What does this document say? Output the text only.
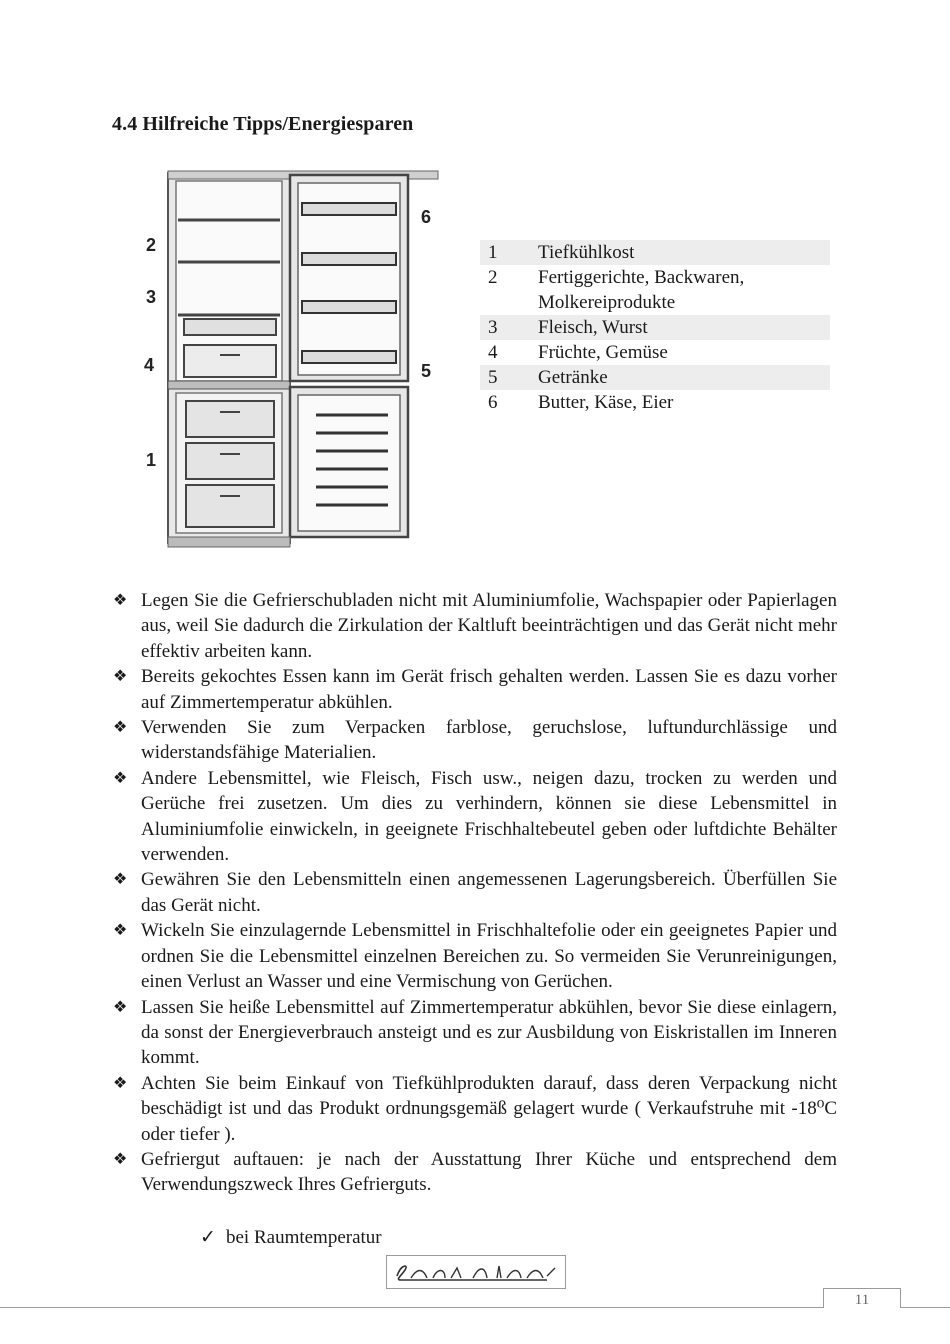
4.4 Hilfreiche Tipps/Energiesparen
2
3
4
1
6
5
1	Tiefkühlkost
2	Fertiggerichte, Backwaren,
Molkereiprodukte
3	Fleisch, Wurst
4	Früchte, Gemüse
5	Getränke
6	Butter, Käse, Eier
❖ Legen Sie die Gefrierschubladen nicht mit Aluminiumfolie, Wachspapier oder Papierlagen aus, weil Sie dadurch die Zirkulation der Kaltluft beeinträchtigen und das Gerät nicht mehr effektiv arbeiten kann.
❖ Bereits gekochtes Essen kann im Gerät frisch gehalten werden. Lassen Sie es dazu vorher auf Zimmertemperatur abkühlen.
❖ Verwenden Sie zum Verpacken farblose, geruchslose, luftundurchlässige und widerstandsfähige Materialien.
❖ Andere Lebensmittel, wie Fleisch, Fisch usw., neigen dazu, trocken zu werden und Gerüche frei zusetzen. Um dies zu verhindern, können sie diese Lebensmittel in Aluminiumfolie einwickeln, in geeignete Frischhaltebeutel geben oder luftdichte Behälter verwenden.
❖ Gewähren Sie den Lebensmitteln einen angemessenen Lagerungsbereich. Überfüllen Sie das Gerät nicht.
❖ Wickeln Sie einzulagernde Lebensmittel in Frischhaltefolie oder ein geeignetes Papier und ordnen Sie die Lebensmittel einzelnen Bereichen zu. So vermeiden Sie Verunreinigungen, einen Verlust an Wasser und eine Vermischung von Gerüchen.
❖ Lassen Sie heiße Lebensmittel auf Zimmertemperatur abkühlen, bevor Sie diese einlagern, da sonst der Energieverbrauch ansteigt und es zur Ausbildung von Eiskristallen im Inneren kommt.
❖ Achten Sie beim Einkauf von Tiefkühlprodukten darauf, dass deren Verpackung nicht beschädigt ist und das Produkt ordnungsgemäß gelagert wurde ( Verkaufstruhe mit -18⁰C oder tiefer ).
❖ Gefriergut auftauen: je nach der Ausstattung Ihrer Küche und entsprechend dem Verwendungszweck Ihres Gefrierguts.

✓ bei Raumtemperatur

11
